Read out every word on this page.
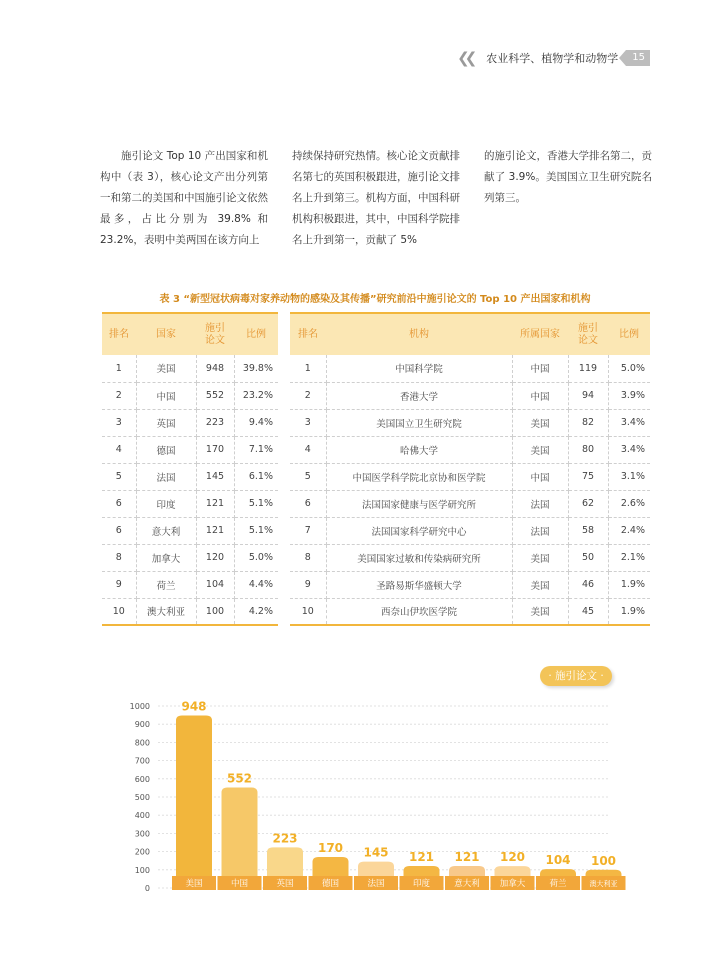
❮❮ 农业科学、植物学和动物学	15

施引论文 Top 10 产出国家和机构中（表 3），核心论文产出分列第一和第二的美国和中国施引论文依然最多，占比分别为 39.8% 和 23.2%，表明中美两国在该方向上

持续保持研究热情。核心论文贡献排名第七的英国积极跟进，施引论文排名上升到第三。机构方面，中国科研机构积极跟进，其中，中国科学院排名上升到第一，贡献了 5%

的施引论文，香港大学排名第二，贡献了 3.9%。美国国立卫生研究院名列第三。

表 3 “新型冠状病毒对家养动物的感染及其传播”研究前沿中施引论文的 Top 10 产出国家和机构
排名	国家	施引论文	比例
1	美国	948	39.8%
2	中国	552	23.2%
3	英国	223	9.4%
4	德国	170	7.1%
5	法国	145	6.1%
6	印度	121	5.1%
6	意大利	121	5.1%
8	加拿大	120	5.0%
9	荷兰	104	4.4%
10	澳大利亚	100	4.2%
排名	机构	所属国家	施引论文	比例
1	中国科学院	中国	119	5.0%
2	香港大学	中国	94	3.9%
3	美国国立卫生研究院	美国	82	3.4%
4	哈佛大学	美国	80	3.4%
5	中国医学科学院北京协和医学院	中国	75	3.1%
6	法国国家健康与医学研究所	法国	62	2.6%
7	法国国家科学研究中心	法国	58	2.4%
8	美国国家过敏和传染病研究所	美国	50	2.1%
9	圣路易斯华盛顿大学	美国	46	1.9%
10	西奈山伊坎医学院	美国	45	1.9%
· 施引论文 ·
0
100
200
300
400
500
600
700
800
900
1000	948
美国
552
中国
223
英国
170
德国
145
法国
121
印度
121
意大利
120
加拿大
104
荷兰
100
澳大利亚
